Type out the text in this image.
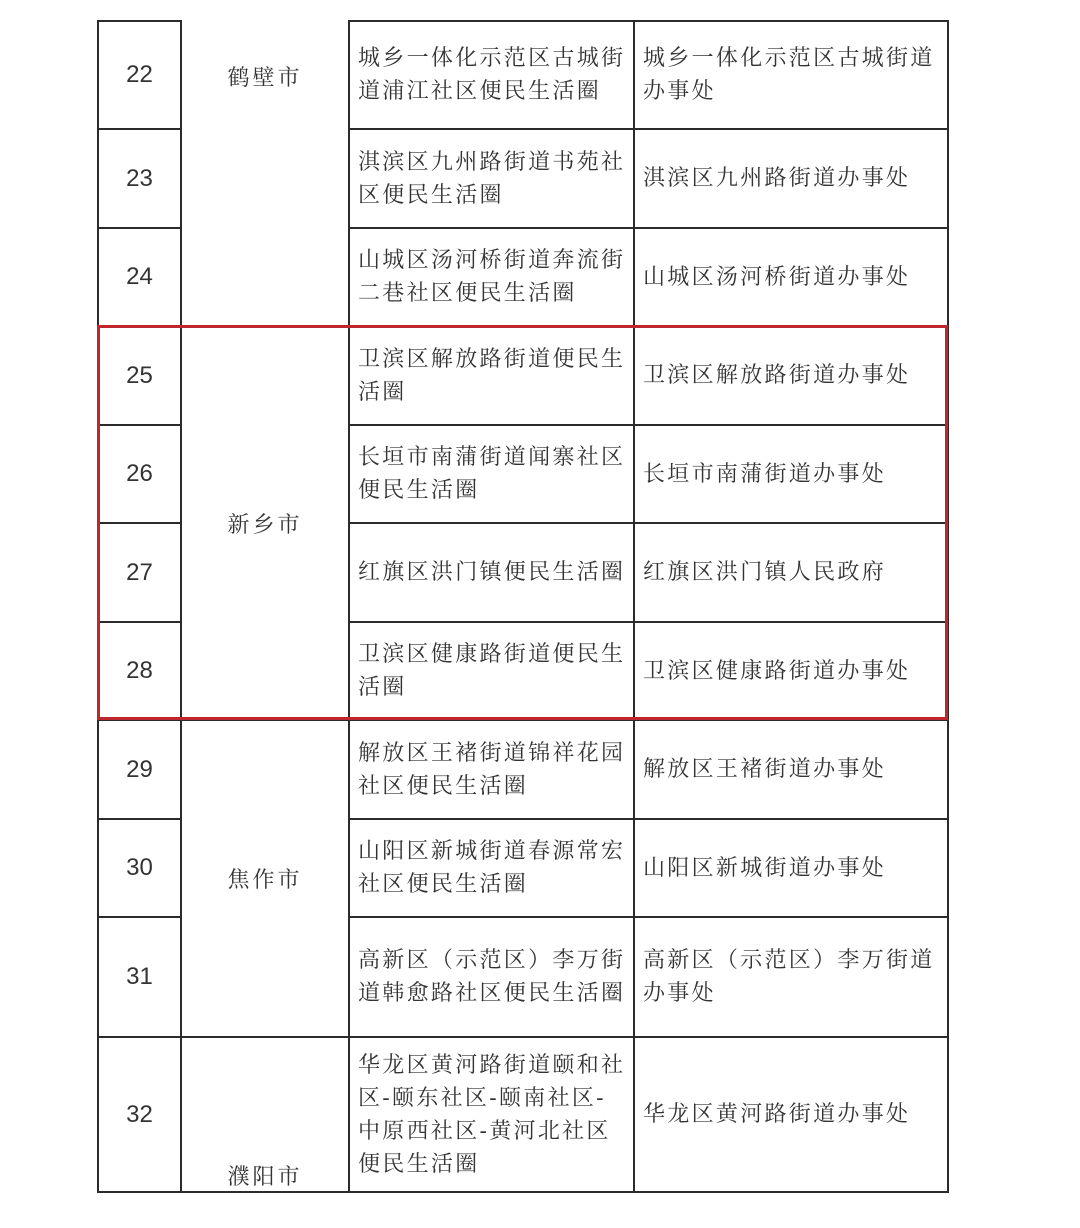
22
城乡一体化示范区古城街道浦江社区便民生活圈
城乡一体化示范区古城街道办事处
23
淇滨区九州路街道书苑社区便民生活圈
淇滨区九州路街道办事处
24
山城区汤河桥街道奔流街二巷社区便民生活圈
山城区汤河桥街道办事处
25
卫滨区解放路街道便民生活圈
卫滨区解放路街道办事处
26
长垣市南蒲街道闻寨社区便民生活圈
长垣市南蒲街道办事处
27	红旗区洪门镇便民生活圈 红旗区洪门镇人民政府
28
卫滨区健康路街道便民生活圈
卫滨区健康路街道办事处
29
解放区王褚街道锦祥花园社区便民生活圈
解放区王褚街道办事处
30
山阳区新城街道春源常宏社区便民生活圈
山阳区新城街道办事处
31
高新区（示范区）李万街道韩愈路社区便民生活圈
高新区（示范区）李万街道办事处
32
华龙区黄河路街道颐和社区-颐东社区-颐南社区-中原西社区-黄河北社区便民生活圈
华龙区黄河路街道办事处
鹤壁市
新乡市
焦作市
濮阳市
